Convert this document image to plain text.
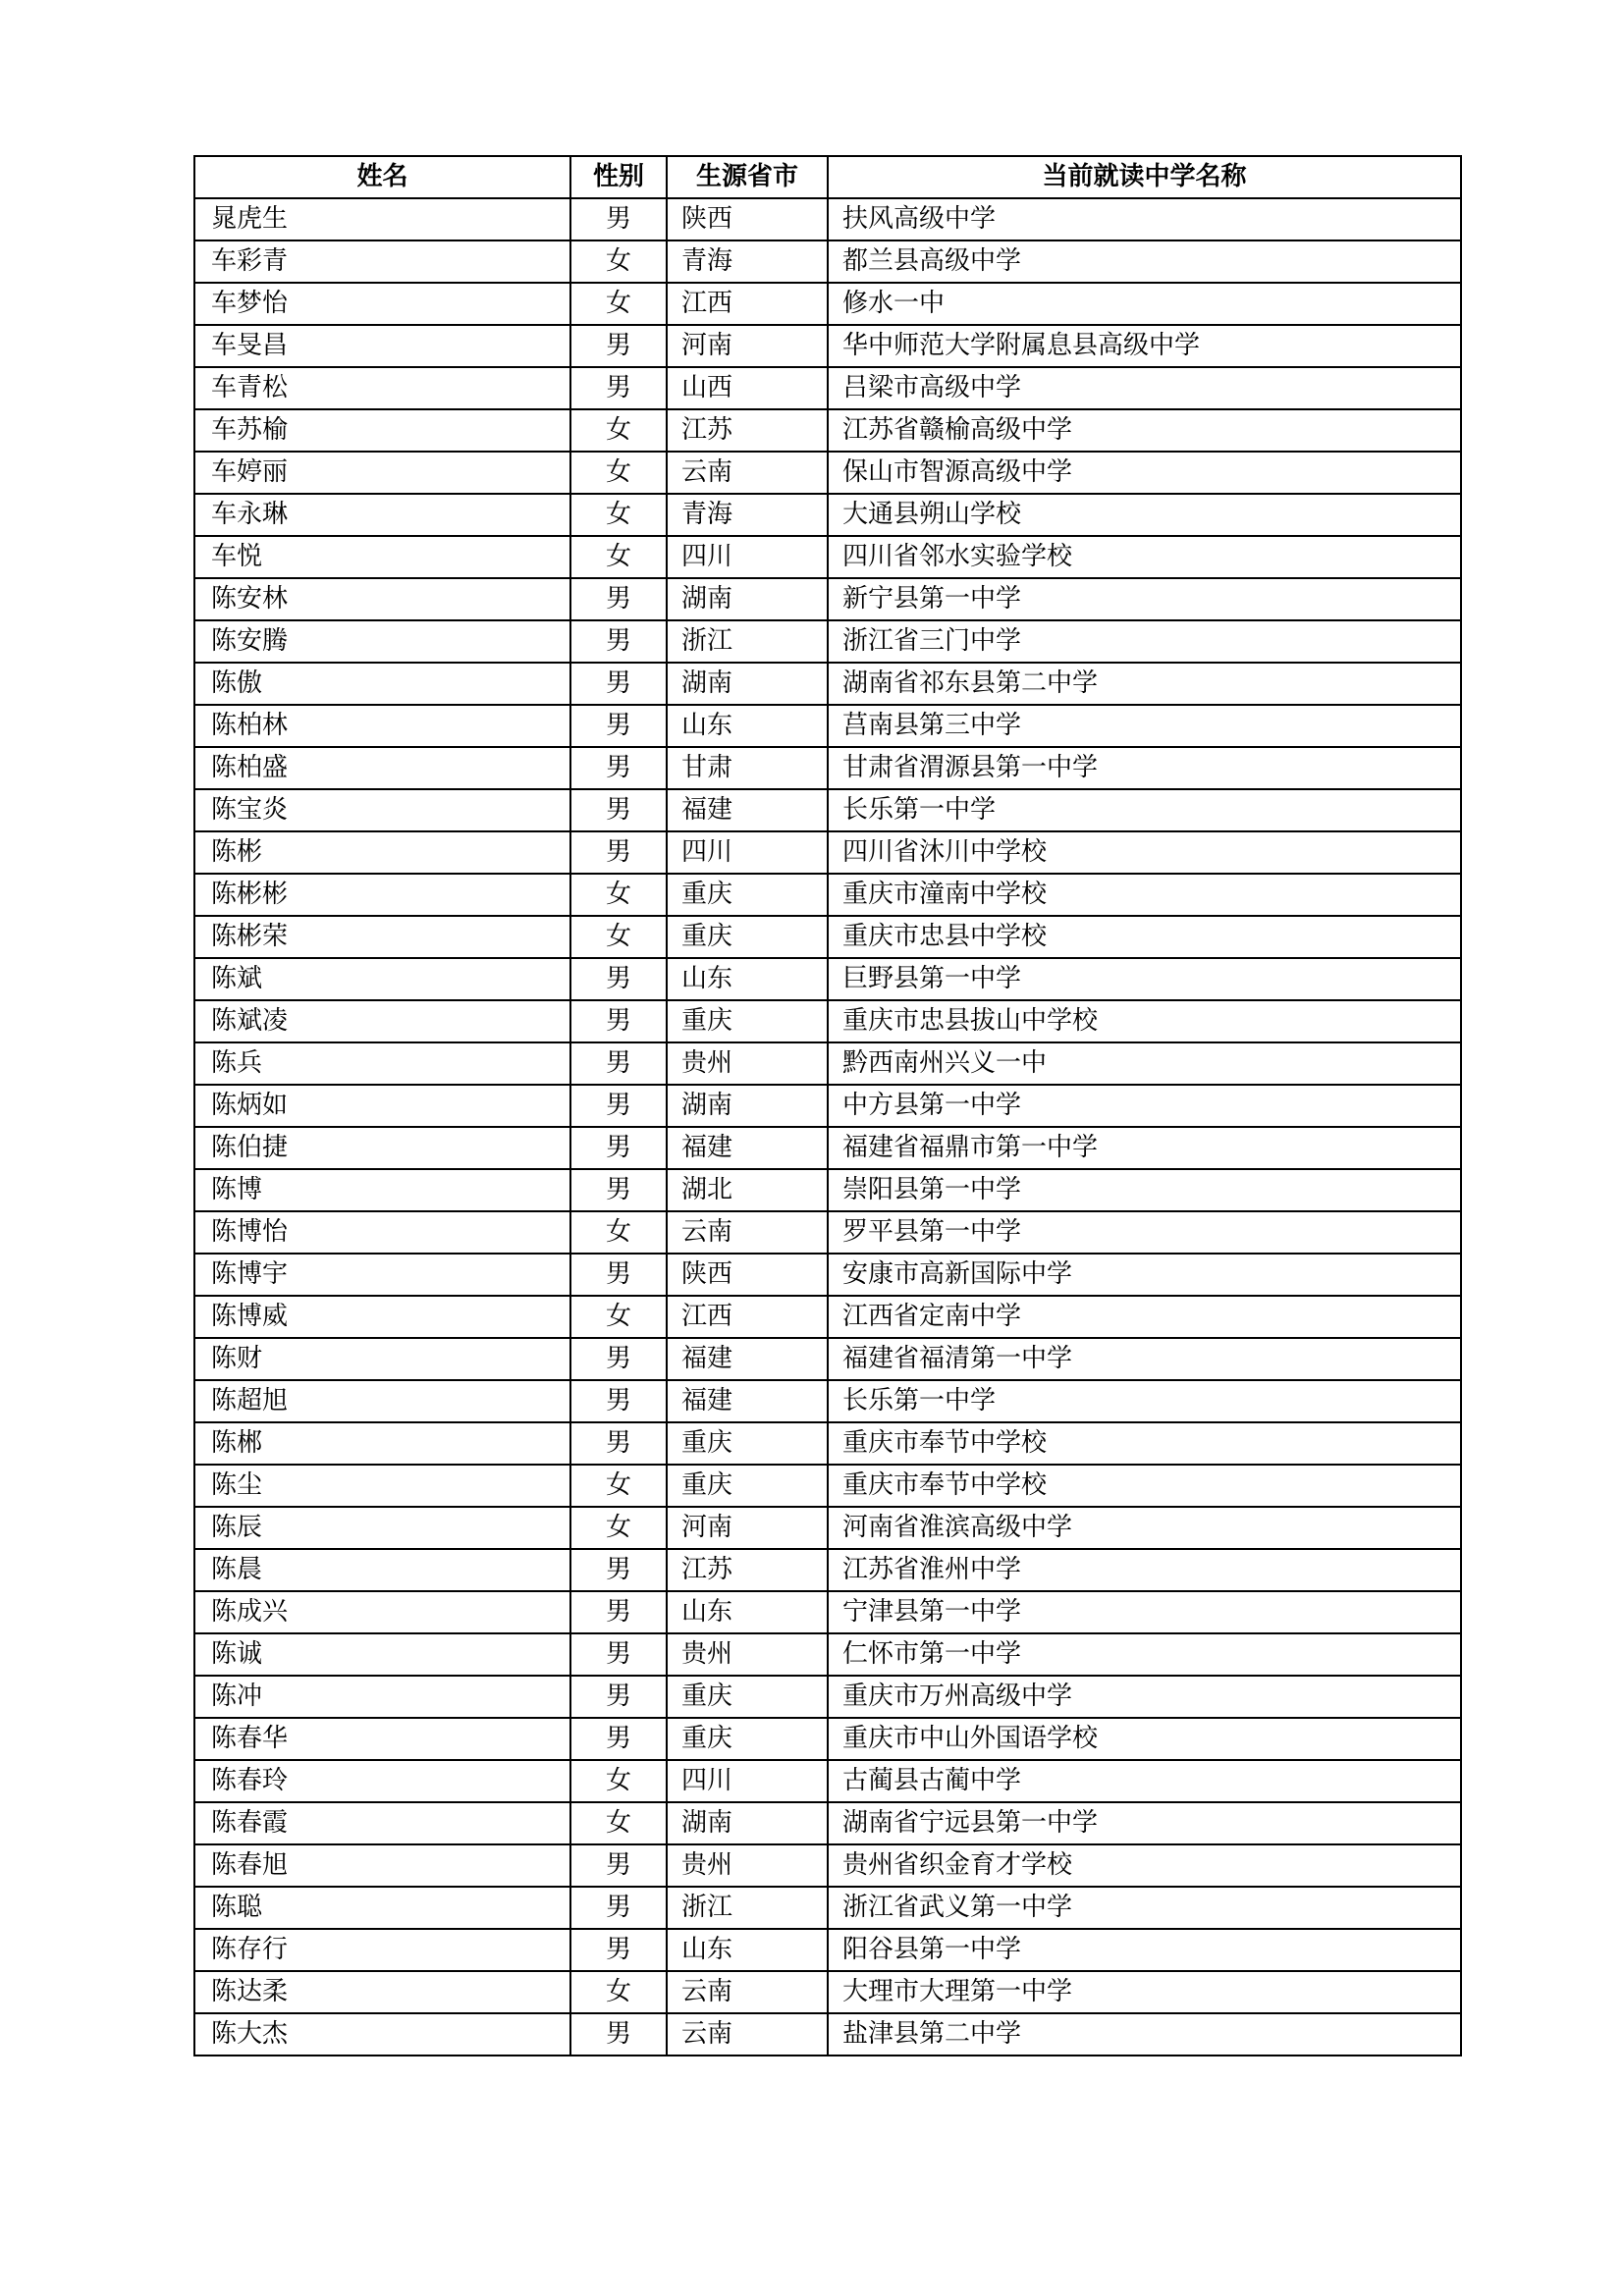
姓名	性别	生源省市	当前就读中学名称
晁虎生	男	陕西	扶风高级中学
车彩青	女	青海	都兰县高级中学
车梦怡	女	江西	修水一中
车旻昌	男	河南	华中师范大学附属息县高级中学
车青松	男	山西	吕梁市高级中学
车苏榆	女	江苏	江苏省赣榆高级中学
车婷丽	女	云南	保山市智源高级中学
车永琳	女	青海	大通县朔山学校
车悦	女	四川	四川省邻水实验学校
陈安林	男	湖南	新宁县第一中学
陈安腾	男	浙江	浙江省三门中学
陈傲	男	湖南	湖南省祁东县第二中学
陈柏林	男	山东	莒南县第三中学
陈柏盛	男	甘肃	甘肃省渭源县第一中学
陈宝炎	男	福建	长乐第一中学
陈彬	男	四川	四川省沐川中学校
陈彬彬	女	重庆	重庆市潼南中学校
陈彬荣	女	重庆	重庆市忠县中学校
陈斌	男	山东	巨野县第一中学
陈斌凌	男	重庆	重庆市忠县拔山中学校
陈兵	男	贵州	黔西南州兴义一中
陈炳如	男	湖南	中方县第一中学
陈伯捷	男	福建	福建省福鼎市第一中学
陈博	男	湖北	崇阳县第一中学
陈博怡	女	云南	罗平县第一中学
陈博宇	男	陕西	安康市高新国际中学
陈博威	女	江西	江西省定南中学
陈财	男	福建	福建省福清第一中学
陈超旭	男	福建	长乐第一中学
陈郴	男	重庆	重庆市奉节中学校
陈尘	女	重庆	重庆市奉节中学校
陈辰	女	河南	河南省淮滨高级中学
陈晨	男	江苏	江苏省淮州中学
陈成兴	男	山东	宁津县第一中学
陈诚	男	贵州	仁怀市第一中学
陈冲	男	重庆	重庆市万州高级中学
陈春华	男	重庆	重庆市中山外国语学校
陈春玲	女	四川	古蔺县古蔺中学
陈春霞	女	湖南	湖南省宁远县第一中学
陈春旭	男	贵州	贵州省织金育才学校
陈聪	男	浙江	浙江省武义第一中学
陈存行	男	山东	阳谷县第一中学
陈达柔	女	云南	大理市大理第一中学
陈大杰	男	云南	盐津县第二中学
